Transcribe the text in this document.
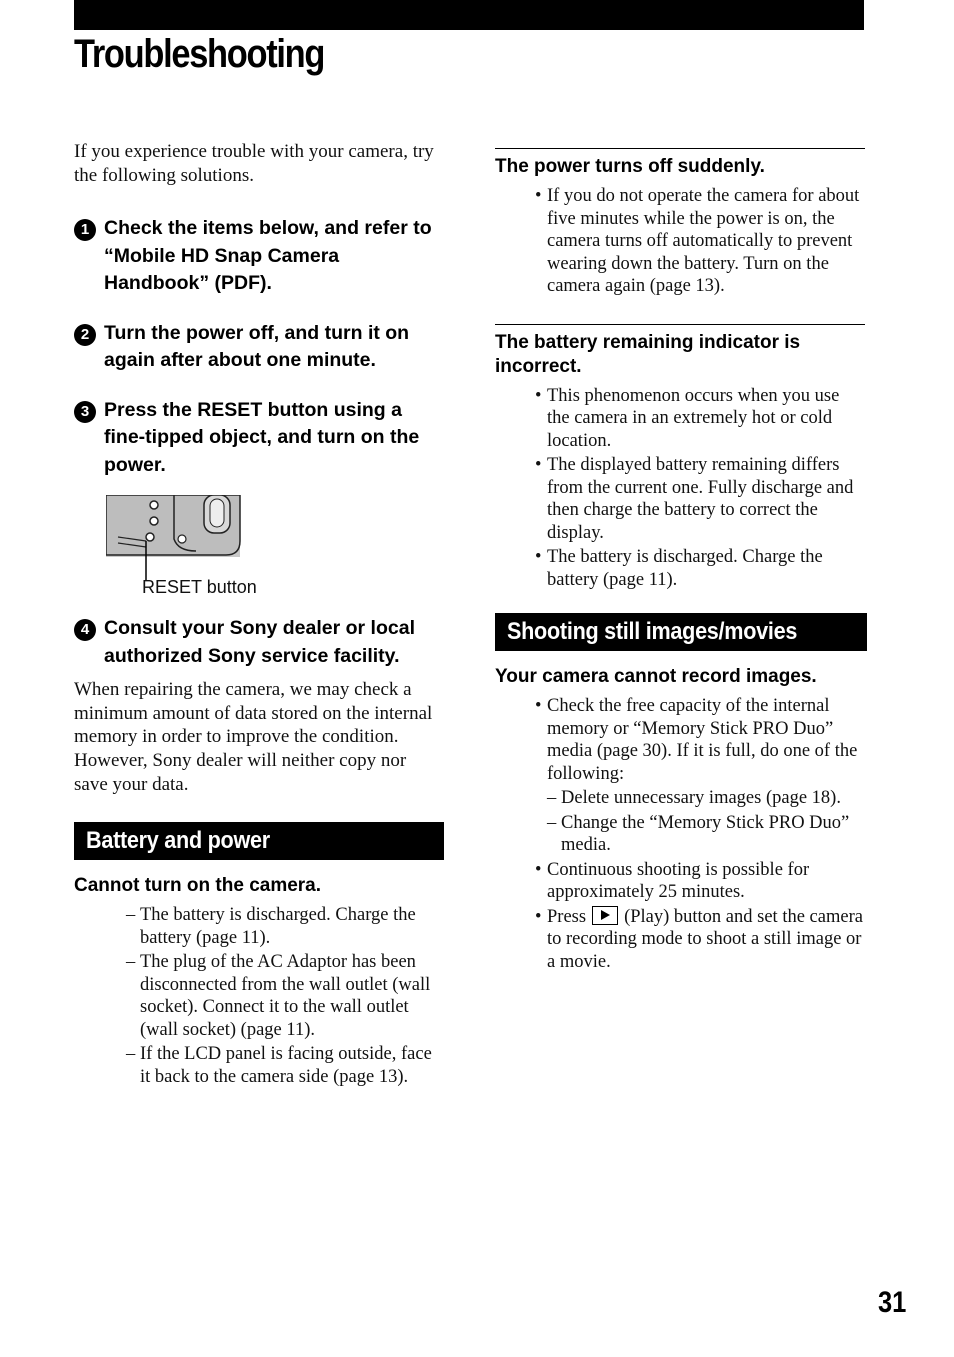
Troubleshooting

If you experience trouble with your camera, try the following solutions.

1 Check the items below, and refer to “Mobile HD Snap Camera Handbook” (PDF).
2 Turn the power off, and turn it on again after about one minute.
3 Press the RESET button using a fine-tipped object, and turn on the power.
RESET button
4 Consult your Sony dealer or local authorized Sony service facility.

When repairing the camera, we may check a minimum amount of data stored on the internal memory in order to improve the condition. However, Sony dealer will neither copy nor save your data.

Battery and power

Cannot turn on the camera.

– The battery is discharged. Charge the battery (page 11).
– The plug of the AC Adaptor has been disconnected from the wall outlet (wall socket). Connect it to the wall outlet (wall socket) (page 11).
– If the LCD panel is facing outside, face it back to the camera side (page 13).

The power turns off suddenly.

• If you do not operate the camera for about five minutes while the power is on, the camera turns off automatically to prevent wearing down the battery. Turn on the camera again (page 13).

The battery remaining indicator is incorrect.

• This phenomenon occurs when you use the camera in an extremely hot or cold location.
• The displayed battery remaining differs from the current one. Fully discharge and then charge the battery to correct the display.
• The battery is discharged. Charge the battery (page 11).
Shooting still images/movies

Your camera cannot record images.

• Check the free capacity of the internal memory or “Memory Stick PRO Duo” media (page 30). If it is full, do one of the following:
– Delete unnecessary images (page 18).
– Change the “Memory Stick PRO Duo” media.
• Continuous shooting is possible for approximately 25 minutes.
• Press (Play) button and set the camera to recording mode to shoot a still image or a movie.
31
